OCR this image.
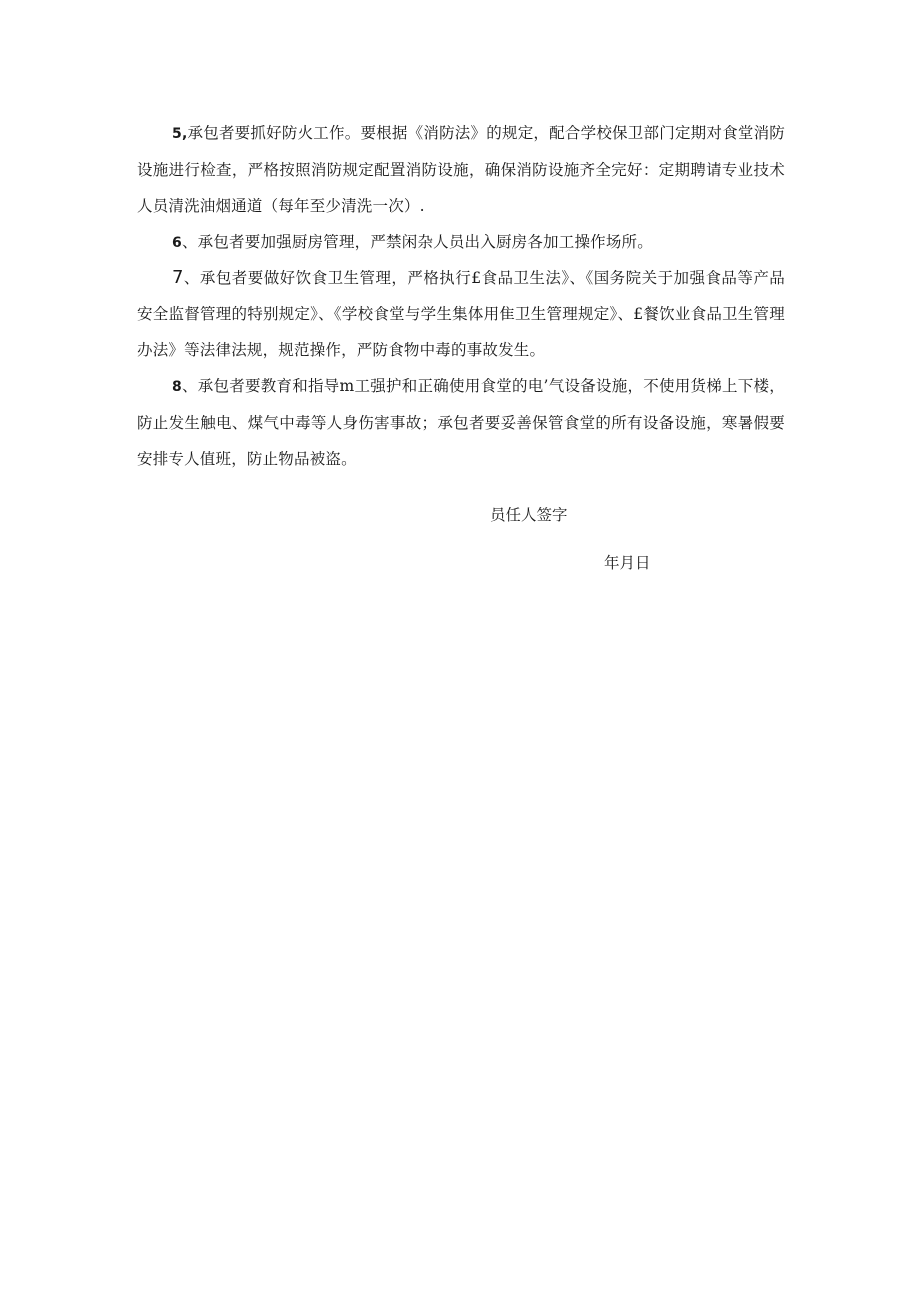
5,承包者要抓好防火工作。要根据《消防法》的规定，配合学校保卫部门定期对食堂消防设施进行检查，严格按照消防规定配置消防设施，确保消防设施齐全完好：定期聘请专业技术人员清洗油烟通道（每年至少清洗一次）.

6、承包者要加强厨房管理，严禁闲杂人员出入厨房各加工操作场所。

7、承包者要做好饮食卫生管理，严格执行£食品卫生法》、《国务院关于加强食品等产品安全监督管理的特别规定》、《学校食堂与学生集体用隹卫生管理规定》、£餐饮业食品卫生管理办法》等法律法规，规范操作，严防食物中毒的事故发生。

8、承包者要教育和指导m工强护和正确使用食堂的电’气设备设施，不使用货梯上下楼，防止发生触电、煤气中毒等人身伤害事故；承包者要妥善保管食堂的所有设备设施，寒暑假要安排专人值班，防止物品被盗。

员任人签字

年月日
